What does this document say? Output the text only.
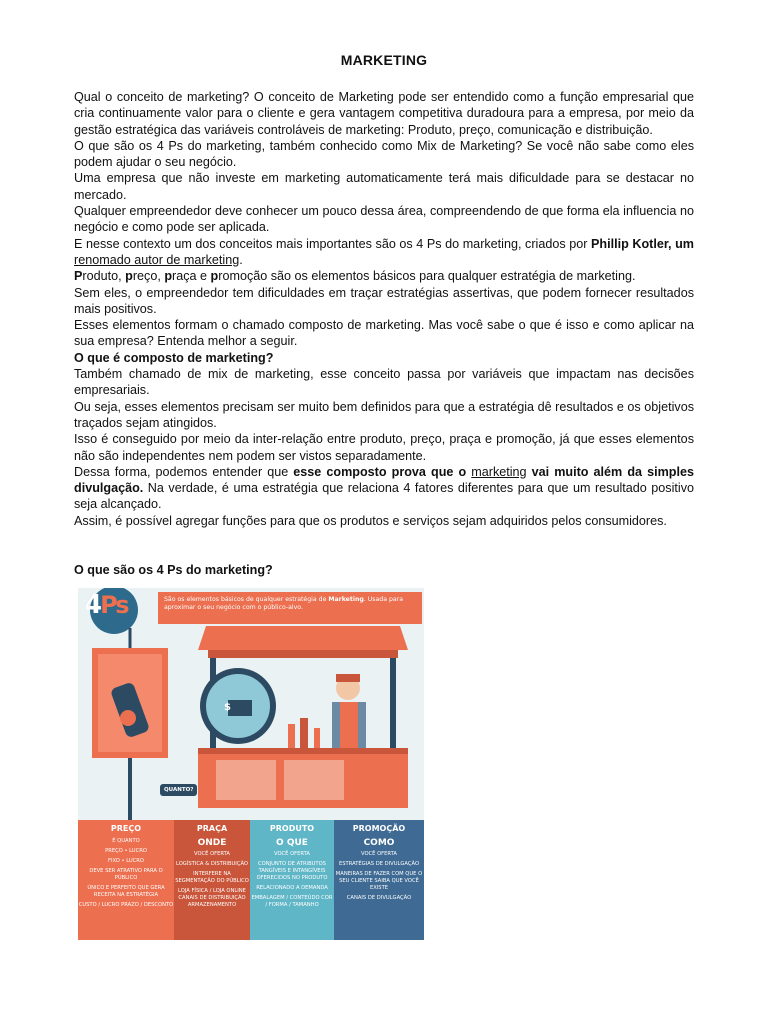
MARKETING

Qual o conceito de marketing? O conceito de Marketing pode ser entendido como a função empresarial que cria continuamente valor para o cliente e gera vantagem competitiva duradoura para a empresa, por meio da gestão estratégica das variáveis controláveis de marketing: Produto, preço, comunicação e distribuição.

O que são os 4 Ps do marketing, também conhecido como Mix de Marketing? Se você não sabe como eles podem ajudar o seu negócio.

Uma empresa que não investe em marketing automaticamente terá mais dificuldade para se destacar no mercado.

Qualquer empreendedor deve conhecer um pouco dessa área, compreendendo de que forma ela influencia no negócio e como pode ser aplicada.

E nesse contexto um dos conceitos mais importantes são os 4 Ps do marketing, criados por Phillip Kotler, um renomado autor de marketing.

Produto, preço, praça e promoção são os elementos básicos para qualquer estratégia de marketing.

Sem eles, o empreendedor tem dificuldades em traçar estratégias assertivas, que podem fornecer resultados mais positivos.

Esses elementos formam o chamado composto de marketing. Mas você sabe o que é isso e como aplicar na sua empresa? Entenda melhor a seguir.

O que é composto de marketing?

Também chamado de mix de marketing, esse conceito passa por variáveis que impactam nas decisões empresariais.

Ou seja, esses elementos precisam ser muito bem definidos para que a estratégia dê resultados e os objetivos traçados sejam atingidos.

Isso é conseguido por meio da inter-relação entre produto, preço, praça e promoção, já que esses elementos não são independentes nem podem ser vistos separadamente.

Dessa forma, podemos entender que esse composto prova que o marketing vai muito além da simples divulgação. Na verdade, é uma estratégia que relaciona 4 fatores diferentes para que um resultado positivo seja alcançado.

Assim, é possível agregar funções para que os produtos e serviços sejam adquiridos pelos consumidores.

O que são os 4 Ps do marketing?
$
4Ps	São os elementos básicos de qualquer estratégia de Marketing. Usada para aproximar o seu negócio com o público-alvo.
QUANTO?
PREÇO
É QUANTO
PREÇO • LUCRO
FIXO • LUCRO
DEVE SER ATRATIVO PARA O PÚBLICO
ÚNICO E PERFEITO QUE GERA RECEITA NA ESTRATÉGIA
CUSTO / LUCRO PRAZO / DESCONTO
PRAÇA
ONDE
VOCÊ OFERTA
LOGÍSTICA & DISTRIBUIÇÃO
INTERFERE NA SEGMENTAÇÃO DO PÚBLICO
LOJA FÍSICA / LOJA ONLINE CANAIS DE DISTRIBUIÇÃO ARMAZENAMENTO
PRODUTO
O QUE
VOCÊ OFERTA
CONJUNTO DE ATRIBUTOS TANGÍVEIS E INTANGÍVEIS OFERECIDOS NO PRODUTO
RELACIONADO A DEMANDA
EMBALAGEM / CONTEÚDO COR / FORMA / TAMANHO
PROMOÇÃO
COMO
VOCÊ OFERTA
ESTRATÉGIAS DE DIVULGAÇÃO
MANEIRAS DE FAZER COM QUE O SEU CLIENTE SAIBA QUE VOCÊ EXISTE
CANAIS DE DIVULGAÇÃO
